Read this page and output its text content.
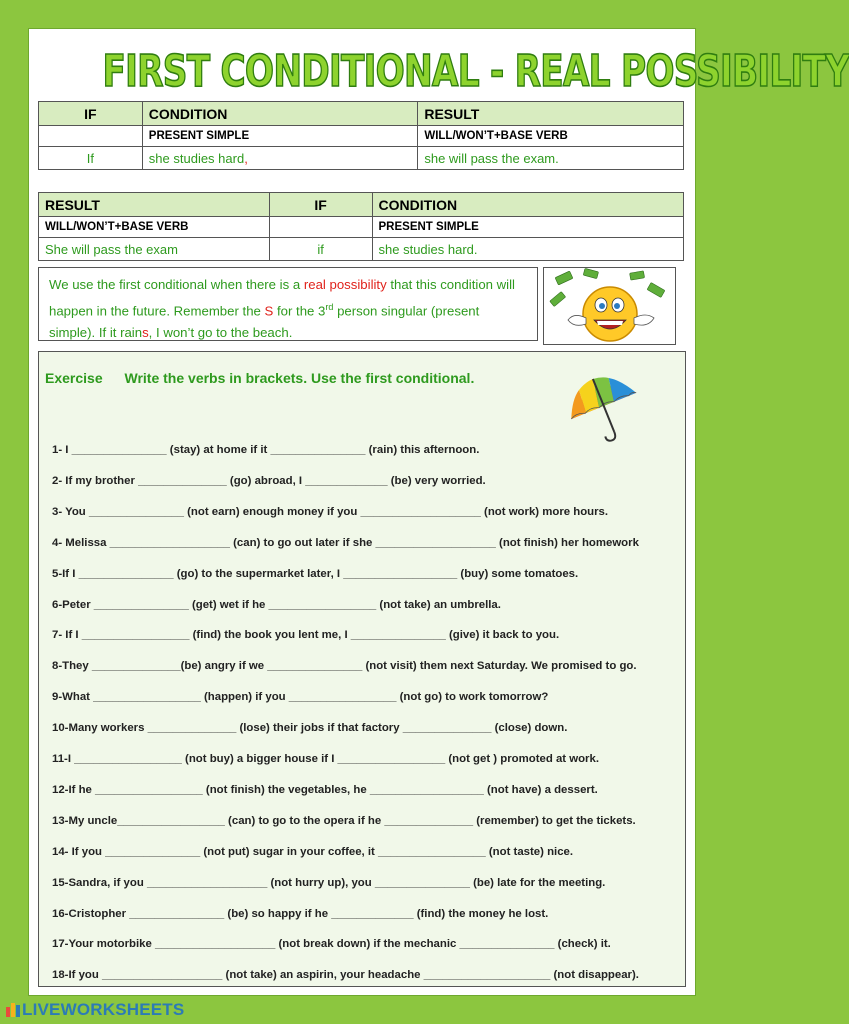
FIRST CONDITIONAL - REAL POSSIBILITY
IF	CONDITION	RESULT
	PRESENT SIMPLE	WILL/WON’T+BASE VERB
If	she studies hard,	she will pass the exam.
RESULT	IF	CONDITION
WILL/WON’T+BASE VERB		PRESENT SIMPLE
She will pass the exam	if	she studies hard.
We use the first conditional when there is a real possibility that this condition will happen in the future. Remember the S for the 3rd person singular (present simple). If it rains, I won’t go to the beach.
Exercise Write the verbs in brackets. Use the first conditional.
1- I _______________ (stay) at home if it _______________ (rain) this afternoon.
2- If my brother ______________ (go) abroad, I _____________ (be) very worried.
3- You _______________ (not earn) enough money if you ___________________ (not work) more hours.
4- Melissa ___________________ (can) to go out later if she ___________________ (not finish) her homework
5-If I _______________ (go) to the supermarket later, I __________________ (buy) some tomatoes.
6-Peter _______________ (get) wet if he _________________ (not take) an umbrella.
7- If I _________________ (find) the book you lent me, I _______________ (give) it back to you.
8-They ______________(be) angry if we _______________ (not visit) them next Saturday. We promised to go.
9-What _________________ (happen) if you _________________ (not go) to work tomorrow?
10-Many workers ______________ (lose) their jobs if that factory ______________ (close) down.
11-I _________________ (not buy) a bigger house if I _________________ (not get ) promoted at work.
12-If he _________________ (not finish) the vegetables, he __________________ (not have) a dessert.
13-My uncle_________________ (can) to go to the opera if he ______________ (remember) to get the tickets.
14- If you _______________ (not put) sugar in your coffee, it _________________ (not taste) nice.
15-Sandra, if you ___________________ (not hurry up), you _______________ (be) late for the meeting.
16-Cristopher _______________ (be) so happy if he _____________ (find) the money he lost.
17-Your motorbike ___________________ (not break down) if the mechanic _______________ (check) it.
18-If you ___________________ (not take) an aspirin, your headache ____________________ (not disappear).
LIVEWORKSHEETS
